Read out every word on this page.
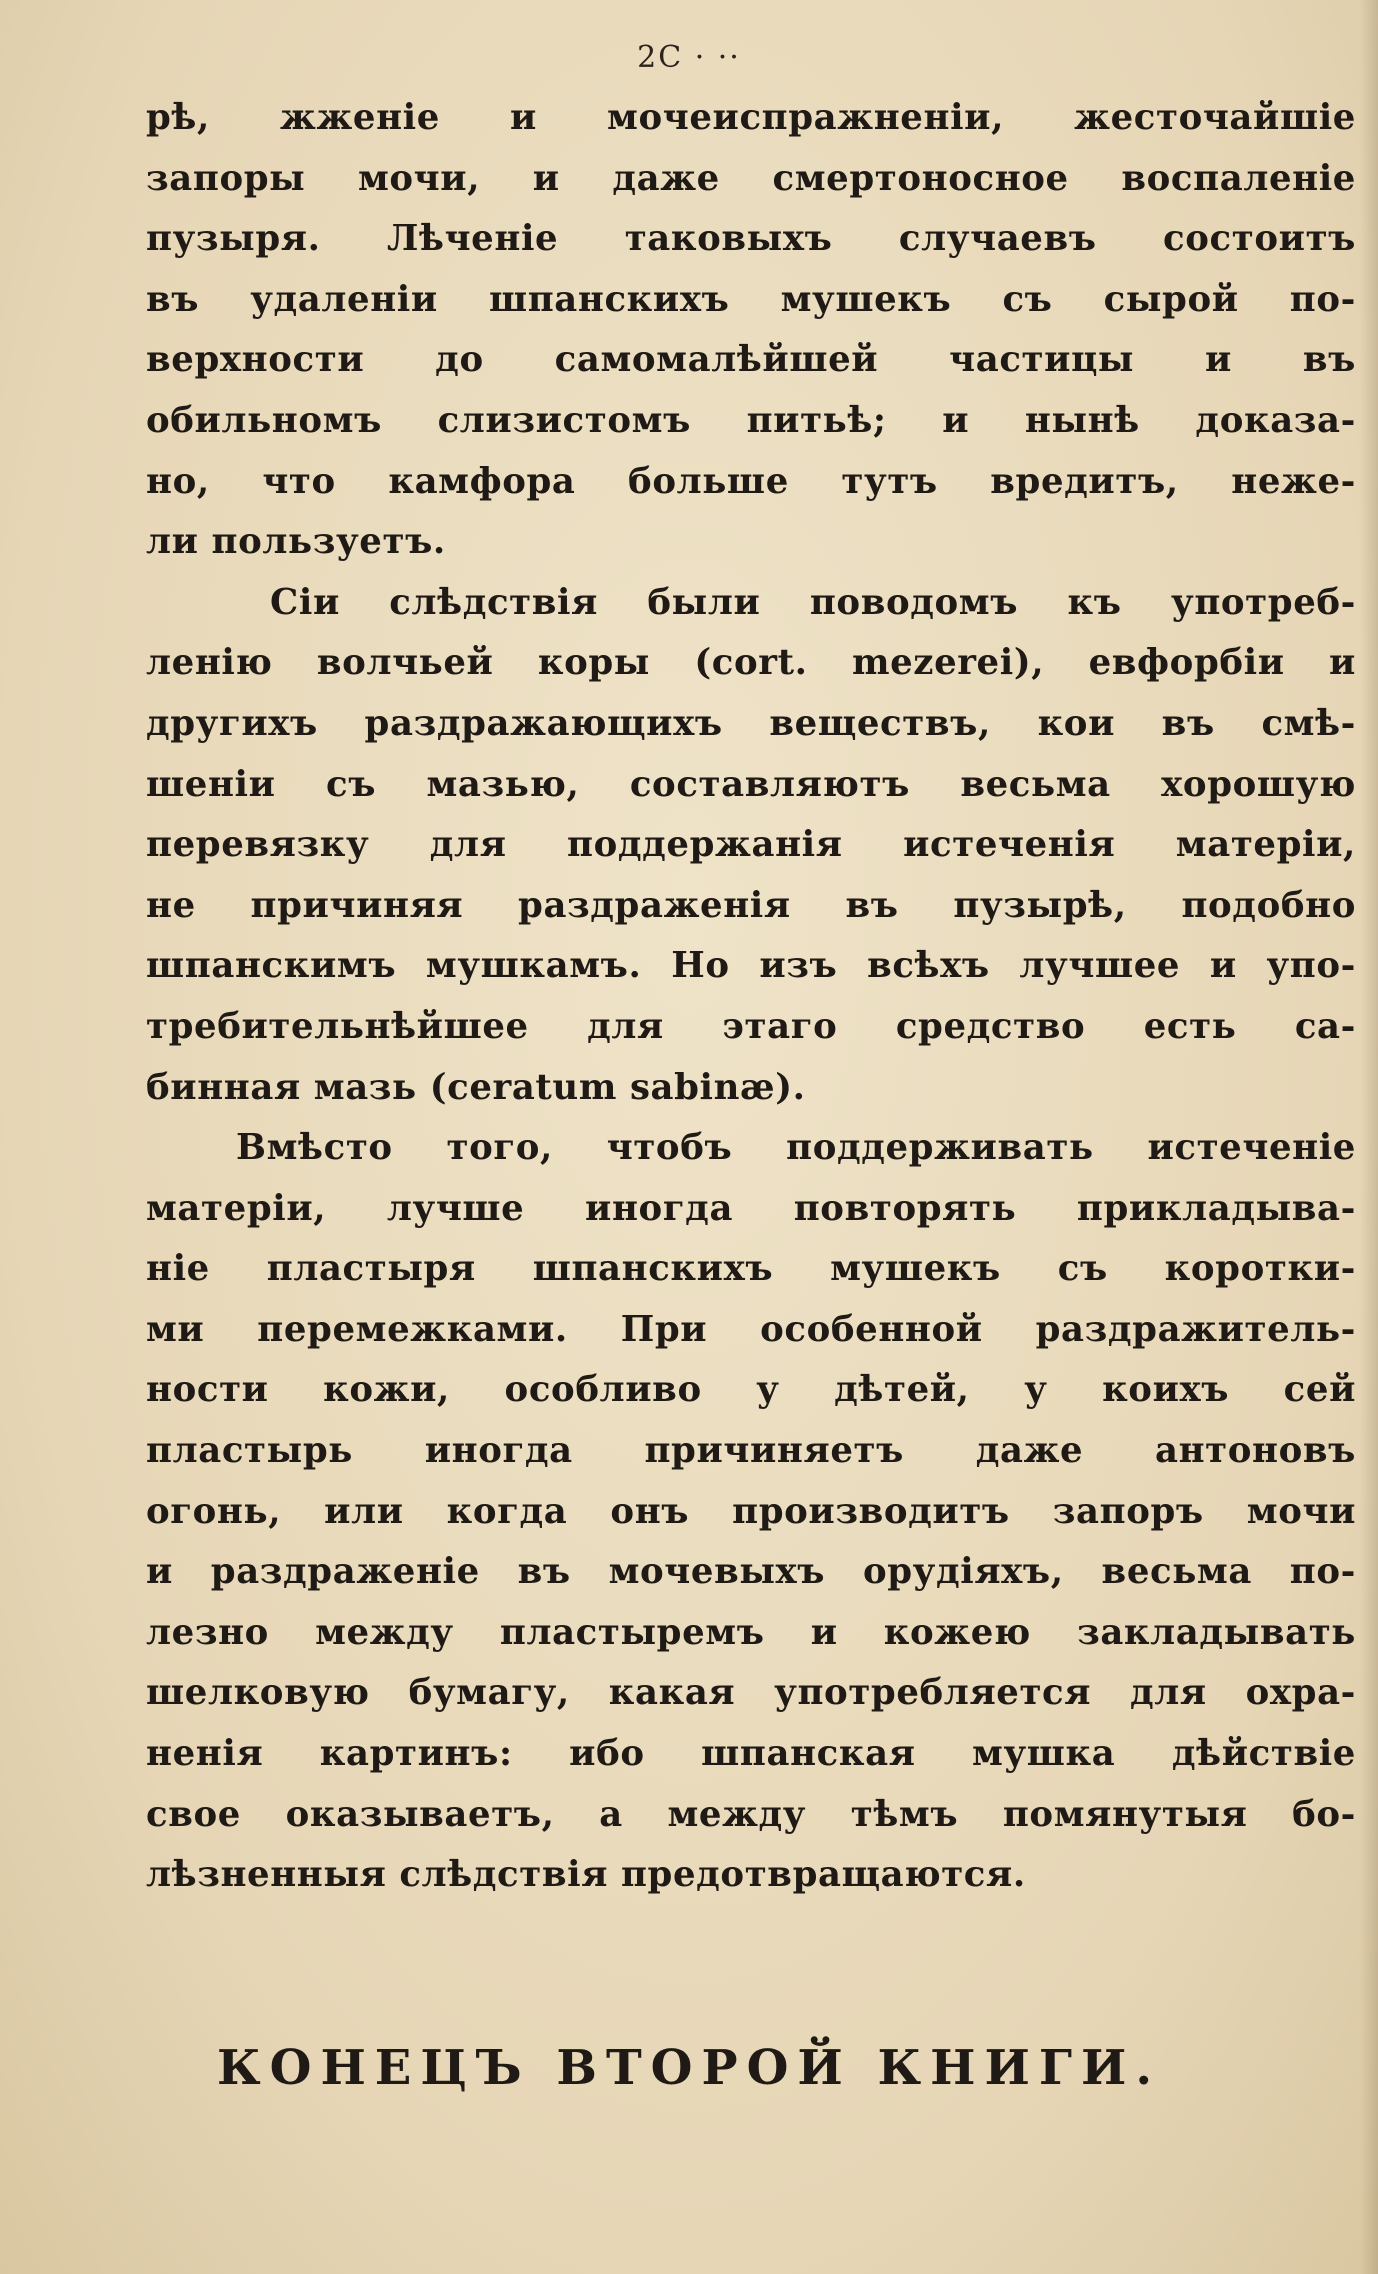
2C · ··
рѣ, жженіе и мочеиспражненіи, жесточайшіе
запоры мочи, и даже смертоносное воспаленіе
пузыря. Лѣченіе таковыхъ случаевъ состоитъ
въ удаленіи шпанскихъ мушекъ съ сырой по-
верхности до самомалѣйшей частицы и въ
обильномъ слизистомъ питьѣ; и нынѣ доказа-
но, что камфора больше тутъ вредитъ, неже-
ли пользуетъ.
Сіи слѣдствія были поводомъ къ употреб-
ленію волчьей коры (cort. mezerei), евфорбіи и
другихъ раздражающихъ веществъ, кои въ смѣ-
шеніи съ мазью, составляютъ весьма хорошую
перевязку для поддержанія истеченія матеріи,
не причиняя раздраженія въ пузырѣ, подобно
шпанскимъ мушкамъ. Но изъ всѣхъ лучшее и упо-
требительнѣйшее для этаго средство есть са-
бинная мазь (ceratum sabinæ).
Вмѣсто того, чтобъ поддерживать истеченіе
матеріи, лучше иногда повторять прикладыва-
ніе пластыря шпанскихъ мушекъ съ коротки-
ми перемежками. При особенной раздражитель-
ности кожи, особливо у дѣтей, у коихъ сей
пластырь иногда причиняетъ даже антоновъ
огонь, или когда онъ производитъ запоръ мочи
и раздраженіе въ мочевыхъ орудіяхъ, весьма по-
лезно между пластыремъ и кожею закладывать
шелковую бумагу, какая употребляется для охра-
ненія картинъ: ибо шпанская мушка дѣйствіе
свое оказываетъ, а между тѣмъ помянутыя бо-
лѣзненныя слѣдствія предотвращаются.
КОНЕЦЪ ВТОРОЙ КНИГИ.
